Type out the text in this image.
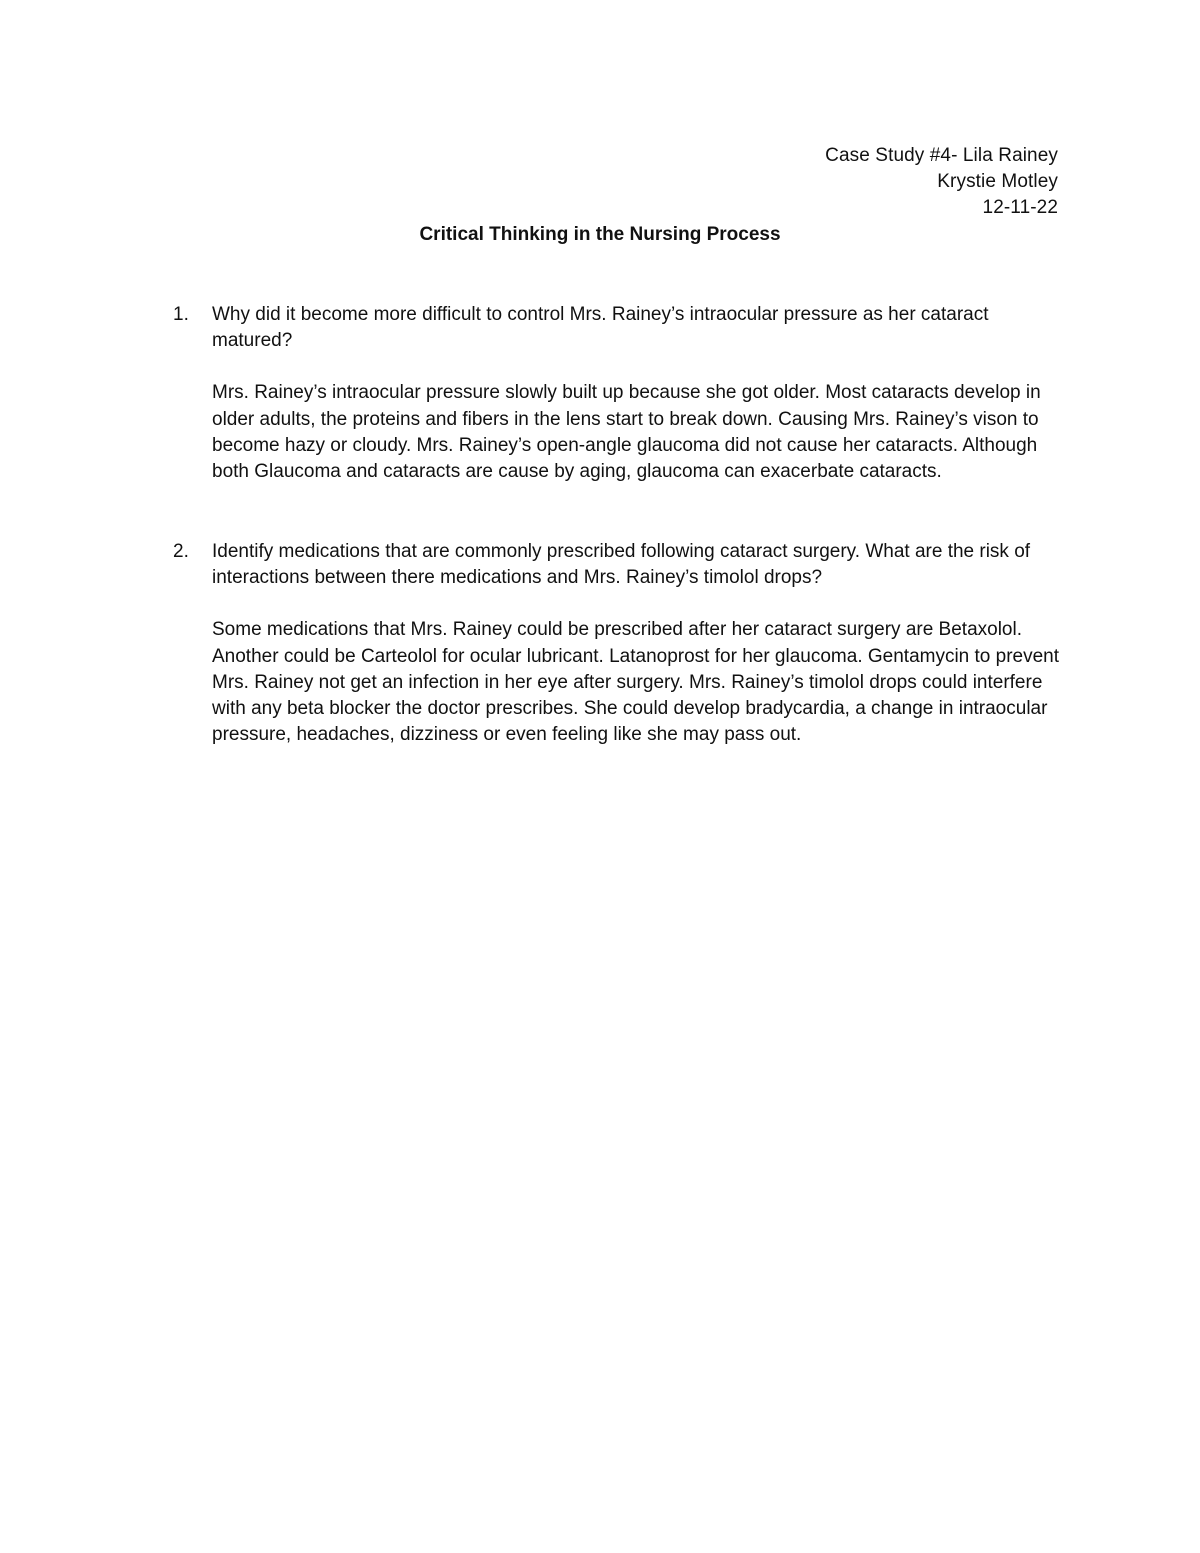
Case Study #4- Lila Rainey
Krystie Motley
12-11-22
Critical Thinking in the Nursing Process
1.	Why did it become more difficult to control Mrs. Rainey’s intraocular pressure as her cataract matured?

Mrs. Rainey’s intraocular pressure slowly built up because she got older. Most cataracts develop in older adults, the proteins and fibers in the lens start to break down. Causing Mrs. Rainey’s vison to become hazy or cloudy. Mrs. Rainey’s open-angle glaucoma did not cause her cataracts. Although both Glaucoma and cataracts are cause by aging, glaucoma can exacerbate cataracts.

2.	Identify medications that are commonly prescribed following cataract surgery. What are the risk of interactions between there medications and Mrs. Rainey’s timolol drops?

Some medications that Mrs. Rainey could be prescribed after her cataract surgery are Betaxolol. Another could be Carteolol for ocular lubricant. Latanoprost for her glaucoma. Gentamycin to prevent Mrs. Rainey not get an infection in her eye after surgery. Mrs. Rainey’s timolol drops could interfere with any beta blocker the doctor prescribes. She could develop bradycardia, a change in intraocular pressure, headaches, dizziness or even feeling like she may pass out.
